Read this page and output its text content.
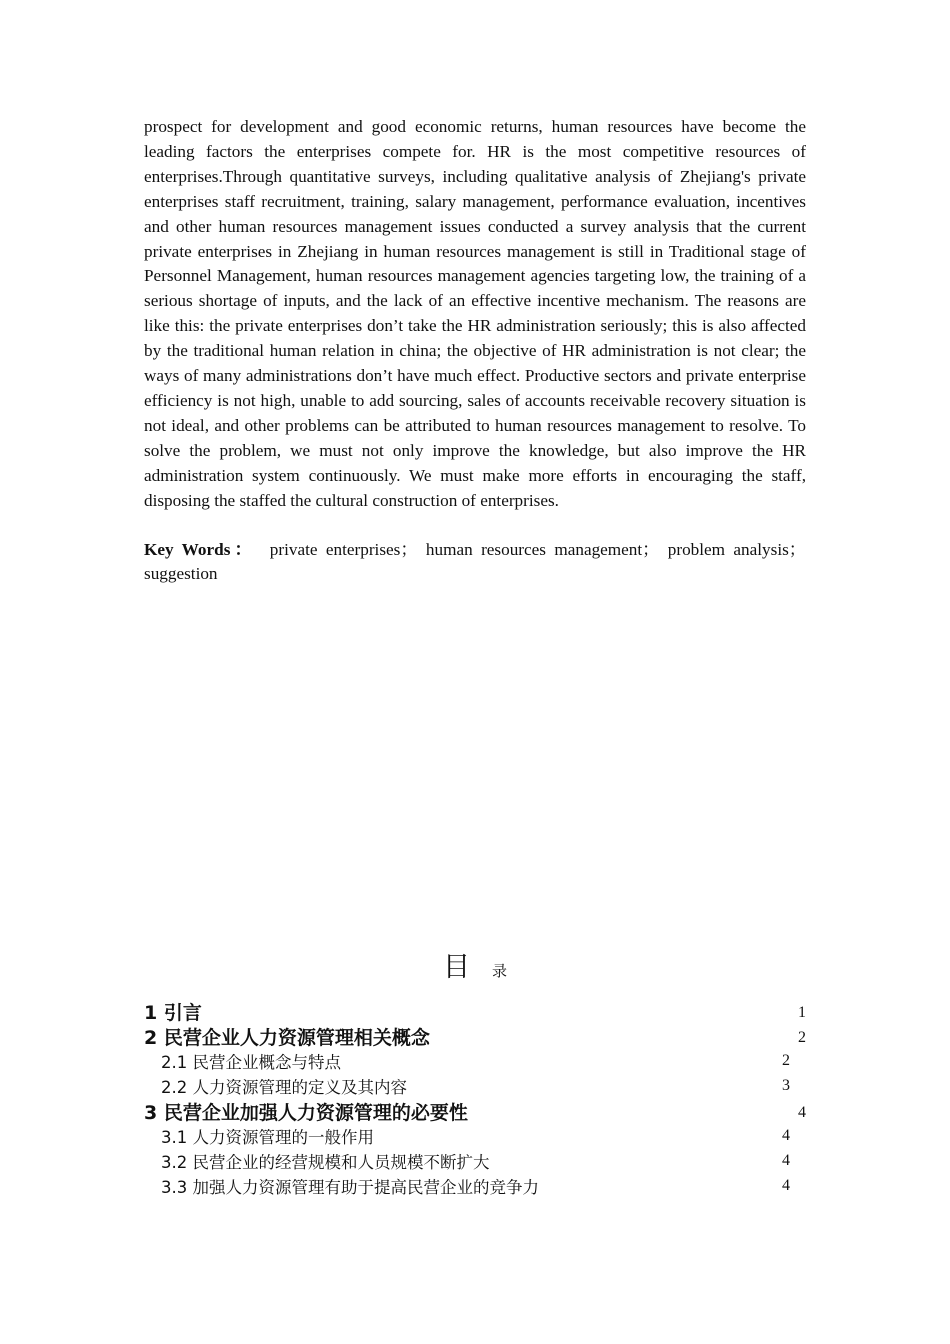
prospect for development and good economic returns, human resources have become the leading factors the enterprises compete for. HR is the most competitive resources of enterprises.Through quantitative surveys, including qualitative analysis of Zhejiang's private enterprises staff recruitment, training, salary management, performance evaluation, incentives and other human resources management issues conducted a survey analysis that the current private enterprises in Zhejiang in human resources management is still in Traditional stage of Personnel Management, human resources management agencies targeting low, the training of a serious shortage of inputs, and the lack of an effective incentive mechanism. The reasons are like this: the private enterprises don’t take the HR administration seriously; this is also affected by the traditional human relation in china; the objective of HR administration is not clear; the ways of many administrations don’t have much effect. Productive sectors and private enterprise efficiency is not high, unable to add sourcing, sales of accounts receivable recovery situation is not ideal, and other problems can be attributed to human resources management to resolve. To solve the problem, we must not only improve the knowledge, but also improve the HR administration system continuously. We must make more efforts in encouraging the staff, disposing the staffed the cultural construction of enterprises.

Key Words： private enterprises； human resources management； problem analysis；suggestion
目 录
1 引言	1
2 民营企业人力资源管理相关概念	2
2.1 民营企业概念与特点	2
2.2 人力资源管理的定义及其内容	3
3 民营企业加强人力资源管理的必要性	4
3.1 人力资源管理的一般作用	4
3.2 民营企业的经营规模和人员规模不断扩大	4
3.3 加强人力资源管理有助于提高民营企业的竞争力	4
